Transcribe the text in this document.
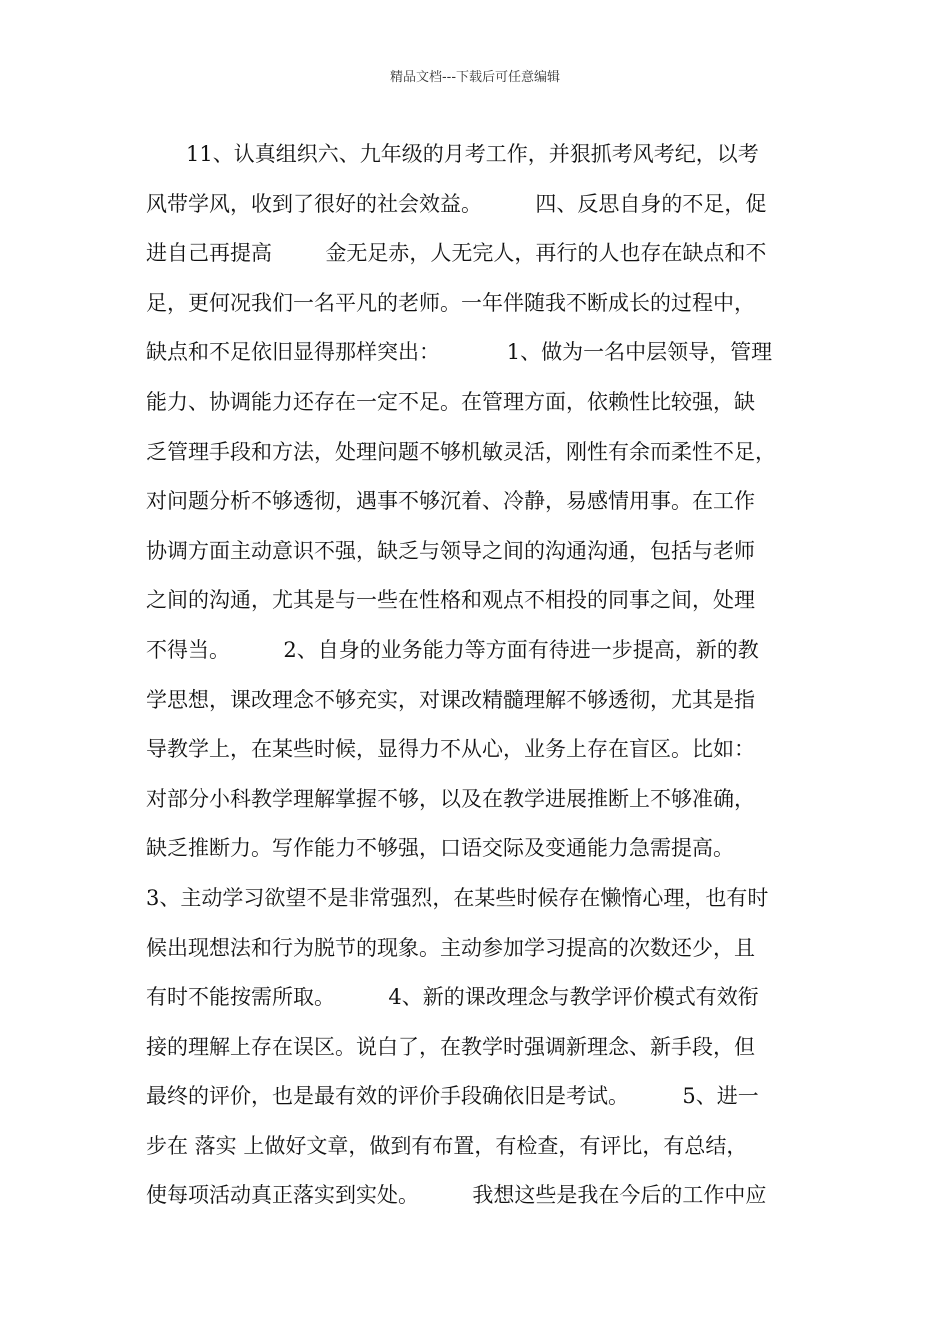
精品文档---下载后可任意编辑
11、认真组织六、九年级的月考工作，并狠抓考风考纪，以考
风带学风，收到了很好的社会效益。        四、反思自身的不足，促
进自己再提高        金无足赤，人无完人，再行的人也存在缺点和不
足，更何况我们一名平凡的老师。一年伴随我不断成长的过程中，
缺点和不足依旧显得那样突出：          1、做为一名中层领导，管理
能力、协调能力还存在一定不足。在管理方面，依赖性比较强，缺
乏管理手段和方法，处理问题不够机敏灵活，刚性有余而柔性不足，
对问题分析不够透彻，遇事不够沉着、冷静，易感情用事。在工作
协调方面主动意识不强，缺乏与领导之间的沟通沟通，包括与老师
之间的沟通，尤其是与一些在性格和观点不相投的同事之间，处理
不得当。        2、自身的业务能力等方面有待进一步提高，新的教
学思想，课改理念不够充实，对课改精髓理解不够透彻，尤其是指
导教学上，在某些时候，显得力不从心，业务上存在盲区。比如：
对部分小科教学理解掌握不够，以及在教学进展推断上不够准确，
缺乏推断力。写作能力不够强，口语交际及变通能力急需提高。
3、主动学习欲望不是非常强烈，在某些时候存在懒惰心理，也有时
候出现想法和行为脱节的现象。主动参加学习提高的次数还少，且
有时不能按需所取。        4、新的课改理念与教学评价模式有效衔
接的理解上存在误区。说白了，在教学时强调新理念、新手段，但
最终的评价，也是最有效的评价手段确依旧是考试。        5、进一
步在 落实 上做好文章，做到有布置，有检查，有评比，有总结，
使每项活动真正落实到实处。        我想这些是我在今后的工作中应
